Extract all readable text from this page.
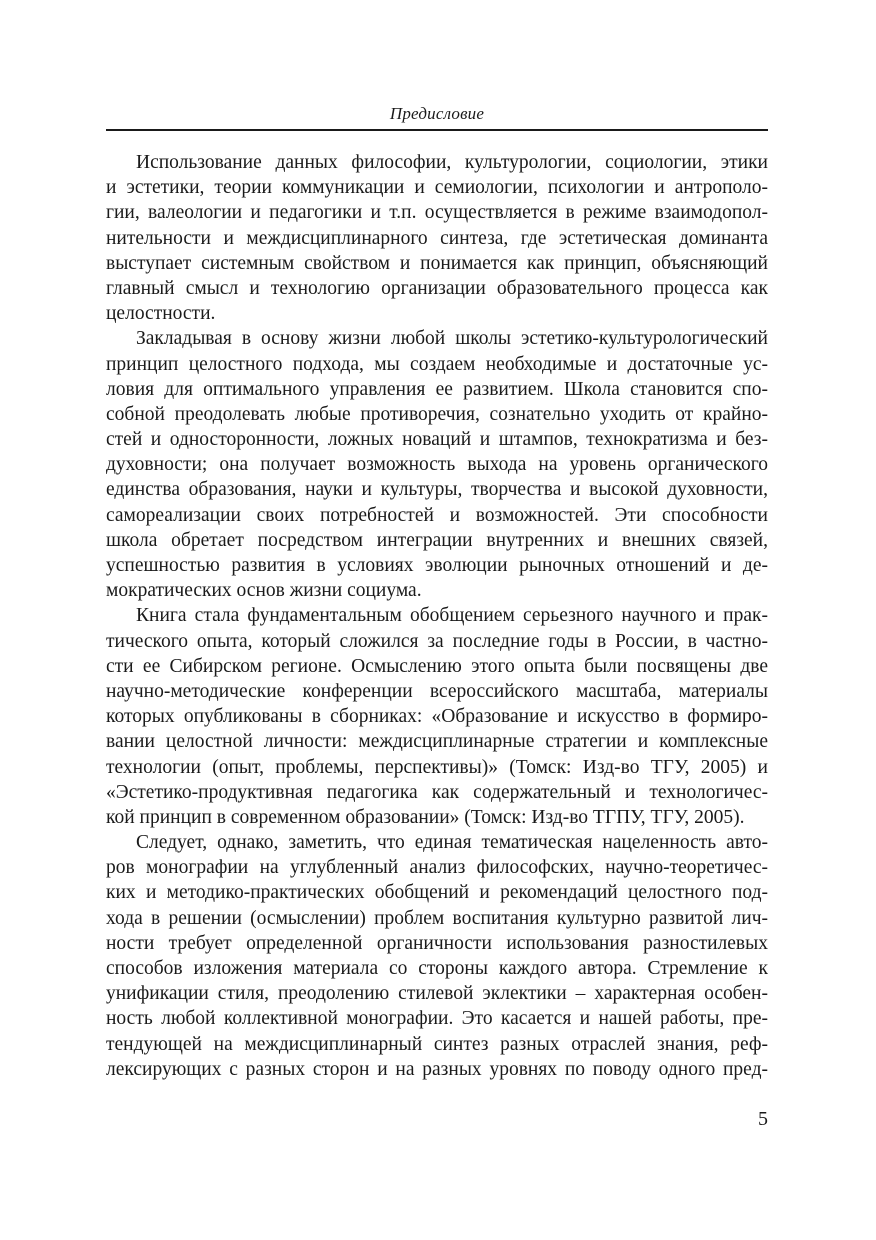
Предисловие
Использование данных философии, культурологии, социологии, этики
и эстетики, теории коммуникации и семиологии, психологии и антрополо-
гии, валеологии и педагогики и т.п. осуществляется в режиме взаимодопол-
нительности и междисциплинарного синтеза, где эстетическая доминанта
выступает системным свойством и понимается как принцип, объясняющий
главный смысл и технологию организации образовательного процесса как
целостности.
Закладывая в основу жизни любой школы эстетико-культурологический
принцип целостного подхода, мы создаем необходимые и достаточные ус-
ловия для оптимального управления ее развитием. Школа становится спо-
собной преодолевать любые противоречия, сознательно уходить от крайно-
стей и односторонности, ложных новаций и штампов, технократизма и без-
духовности; она получает возможность выхода на уровень органического
единства образования, науки и культуры, творчества и высокой духовности,
самореализации своих потребностей и возможностей. Эти способности
школа обретает посредством интеграции внутренних и внешних связей,
успешностью развития в условиях эволюции рыночных отношений и де-
мократических основ жизни социума.
Книга стала фундаментальным обобщением серьезного научного и прак-
тического опыта, который сложился за последние годы в России, в частно-
сти ее Сибирском регионе. Осмыслению этого опыта были посвящены две
научно-методические конференции всероссийского масштаба, материалы
которых опубликованы в сборниках: «Образование и искусство в формиро-
вании целостной личности: междисциплинарные стратегии и комплексные
технологии (опыт, проблемы, перспективы)» (Томск: Изд-во ТГУ, 2005) и
«Эстетико-продуктивная педагогика как содержательный и технологичес-
кой принцип в современном образовании» (Томск: Изд-во ТГПУ, ТГУ, 2005).
Следует, однако, заметить, что единая тематическая нацеленность авто-
ров монографии на углубленный анализ философских, научно-теоретичес-
ких и методико-практических обобщений и рекомендаций целостного под-
хода в решении (осмыслении) проблем воспитания культурно развитой лич-
ности требует определенной органичности использования разностилевых
способов изложения материала со стороны каждого автора. Стремление к
унификации стиля, преодолению стилевой эклектики – характерная особен-
ность любой коллективной монографии. Это касается и нашей работы, пре-
тендующей на междисциплинарный синтез разных отраслей знания, реф-
лексирующих с разных сторон и на разных уровнях по поводу одного пред-
5
